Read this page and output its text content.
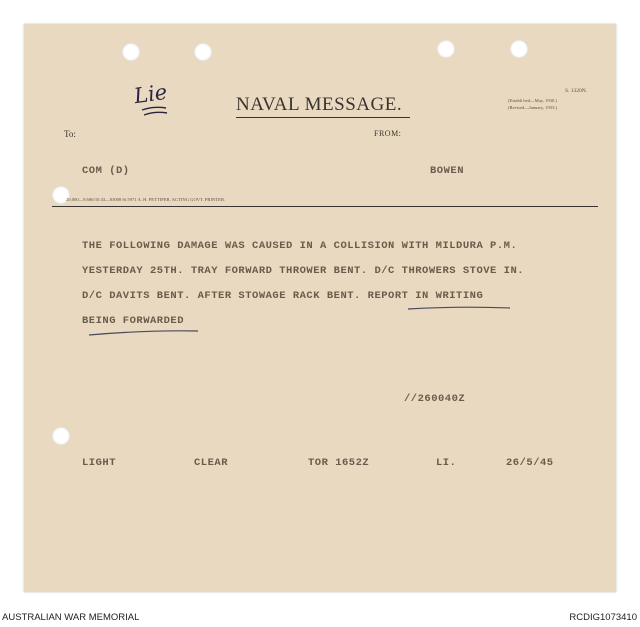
Lie	NAVAL MESSAGE.
S. 1320N.
(Establi hed—May, 1930.)
(Revised—January, 1933.)
To:	FROM:
COM (D)	BOWEN
20,000—8.686/10.43—83008 St 5971 A. H. PETTIFER, ACTING GOVT. PRINTER.
THE FOLLOWING DAMAGE WAS CAUSED IN A COLLISION WITH MILDURA P.M.
YESTERDAY 25TH. TRAY FORWARD THROWER BENT. D/C THROWERS STOVE IN.
D/C DAVITS BENT. AFTER STOWAGE RACK BENT. REPORT IN WRITING
BEING FORWARDED
//260040Z
LIGHT	CLEAR	TOR 1652Z	LI.	26/5/45
AUSTRALIAN WAR MEMORIAL	RCDIG1073410
